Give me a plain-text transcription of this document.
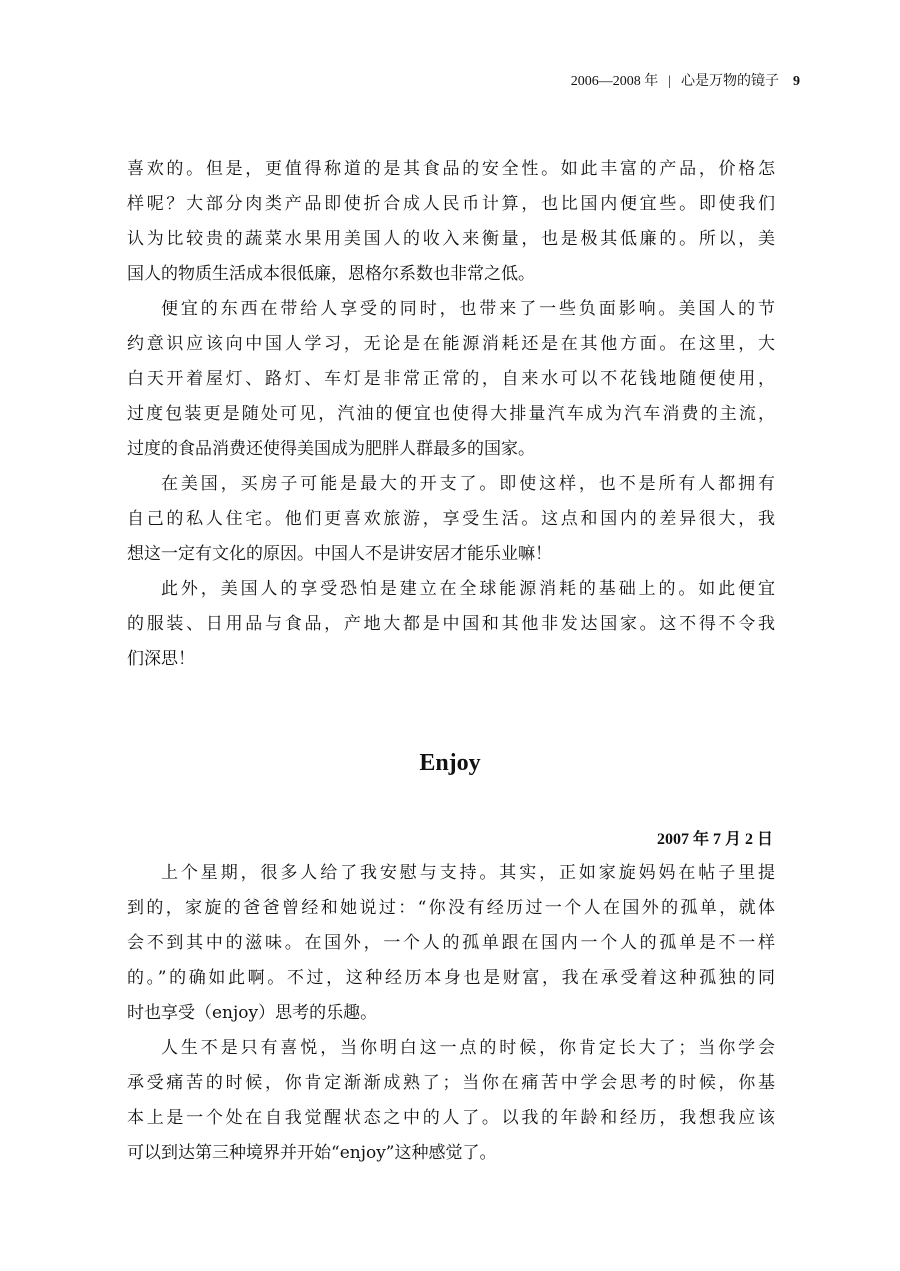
2006—2008 年 | 心是万物的镜子 9
喜欢的。但是，更值得称道的是其食品的安全性。如此丰富的产品，价格怎
样呢？大部分肉类产品即使折合成人民币计算，也比国内便宜些。即使我们
认为比较贵的蔬菜水果用美国人的收入来衡量，也是极其低廉的。所以，美
国人的物质生活成本很低廉，恩格尔系数也非常之低。
便宜的东西在带给人享受的同时，也带来了一些负面影响。美国人的节
约意识应该向中国人学习，无论是在能源消耗还是在其他方面。在这里，大
白天开着屋灯、路灯、车灯是非常正常的，自来水可以不花钱地随便使用，
过度包装更是随处可见，汽油的便宜也使得大排量汽车成为汽车消费的主流，
过度的食品消费还使得美国成为肥胖人群最多的国家。
在美国，买房子可能是最大的开支了。即使这样，也不是所有人都拥有
自己的私人住宅。他们更喜欢旅游，享受生活。这点和国内的差异很大，我
想这一定有文化的原因。中国人不是讲安居才能乐业嘛！
此外，美国人的享受恐怕是建立在全球能源消耗的基础上的。如此便宜
的服装、日用品与食品，产地大都是中国和其他非发达国家。这不得不令我
们深思！
Enjoy
2007 年 7 月 2 日
上个星期，很多人给了我安慰与支持。其实，正如家旋妈妈在帖子里提
到的，家旋的爸爸曾经和她说过：“你没有经历过一个人在国外的孤单，就体
会不到其中的滋味。在国外，一个人的孤单跟在国内一个人的孤单是不一样
的。”的确如此啊。不过，这种经历本身也是财富，我在承受着这种孤独的同
时也享受（enjoy）思考的乐趣。
人生不是只有喜悦，当你明白这一点的时候，你肯定长大了；当你学会
承受痛苦的时候，你肯定渐渐成熟了；当你在痛苦中学会思考的时候，你基
本上是一个处在自我觉醒状态之中的人了。以我的年龄和经历，我想我应该
可以到达第三种境界并开始“enjoy”这种感觉了。
